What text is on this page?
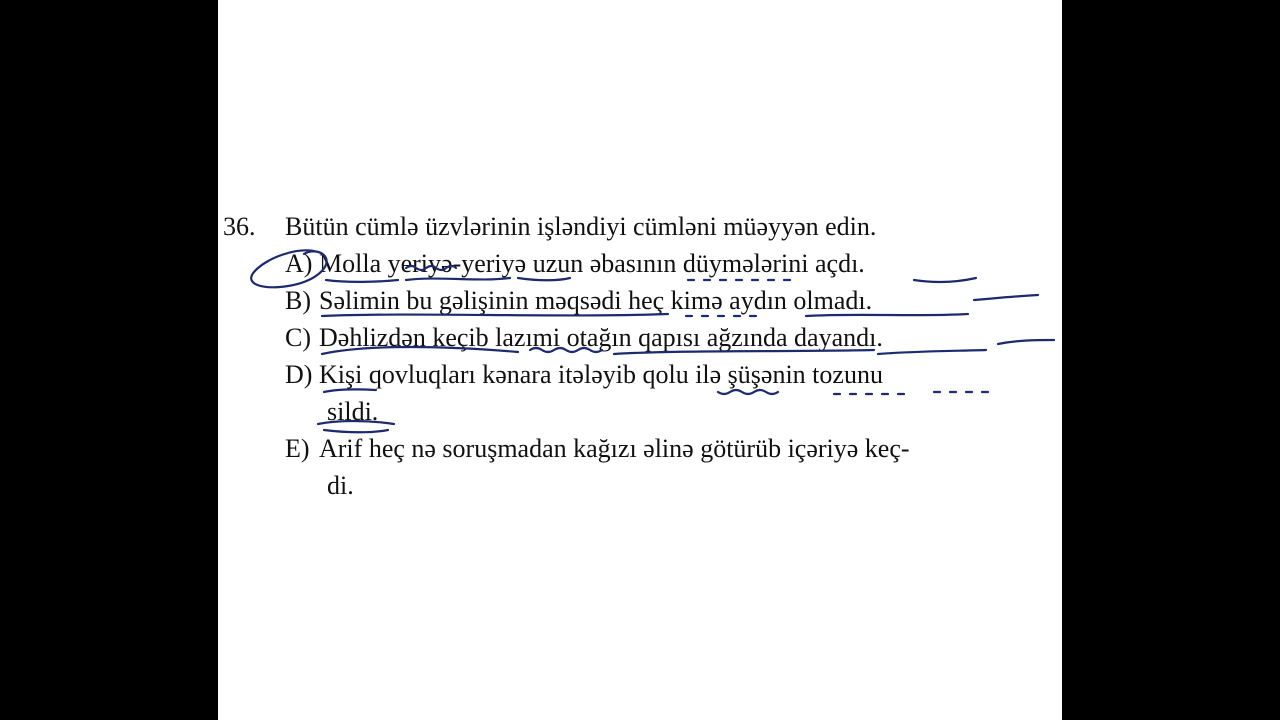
36.	Bütün cümlə üzvlərinin işləndiyi cümləni müəyyən edin.
A) Molla yeriyə-yeriyə uzun əbasının düymələrini açdı.
B) Səlimin bu gəlişinin məqsədi heç kimə aydın olmadı.
C) Dəhlizdən keçib lazımi otağın qapısı ağzında dayandı.
D) Kişi qovluqları kənara itələyib qolu ilə şüşənin tozunu
sildi.
E) Arif heç nə soruşmadan kağızı əlinə götürüb içəriyə keç-
di.
